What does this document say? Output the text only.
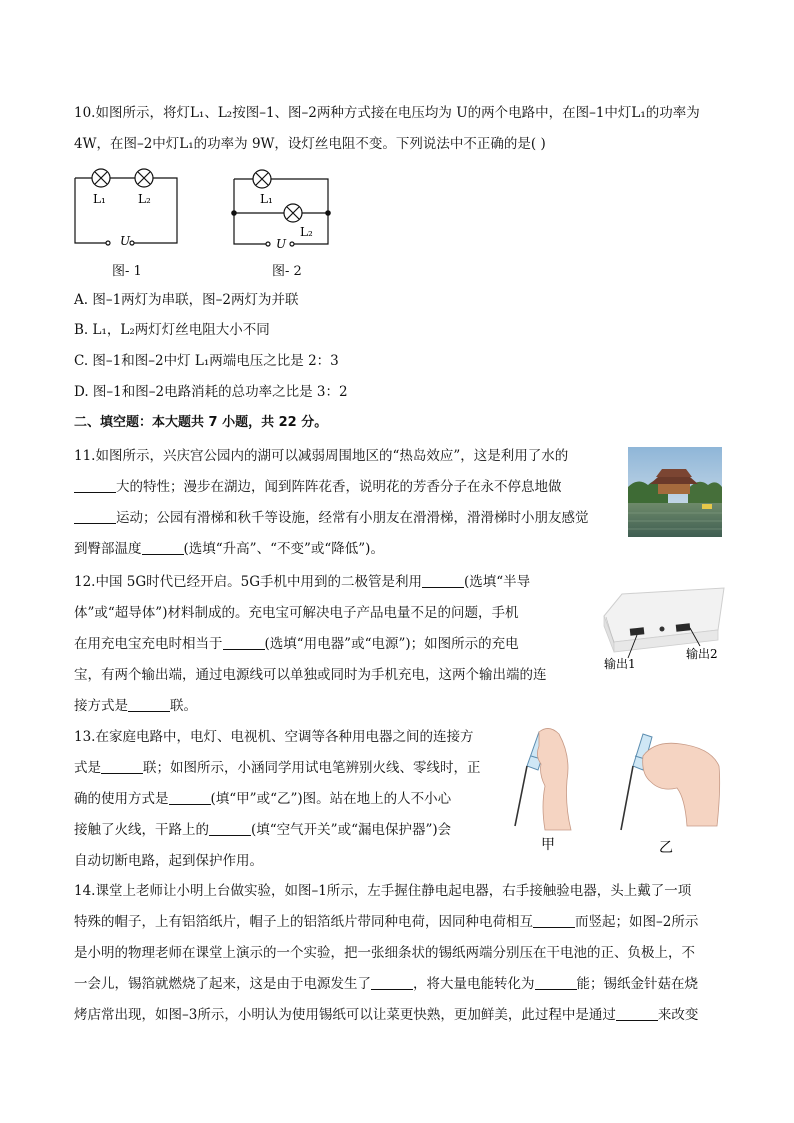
10.如图所示，将灯L₁、L₂按图–1、图–2两种方式接在电压均为 U的两个电路中，在图–1中灯L₁的功率为
4W，在图–2中灯L₁的功率为 9W，设灯丝电阻不变。下列说法中不正确的是( )
L₁	L₂
U
图- 1
L₁
L₂
U
图- 2
A. 图–1两灯为串联，图–2两灯为并联
B. L₁，L₂两灯灯丝电阻大小不同
C. 图–1和图–2中灯 L₁两端电压之比是 2：3
D. 图–1和图–2电路消耗的总功率之比是 3：2
二、填空题：本大题共 7 小题，共 22 分。
11.如图所示，兴庆宫公园内的湖可以减弱周围地区的“热岛效应”，这是利用了水的
大的特性；漫步在湖边，闻到阵阵花香，说明花的芳香分子在永不停息地做
运动；公园有滑梯和秋千等设施，经常有小朋友在滑滑梯，滑滑梯时小朋友感觉
到臀部温度	(选填“升高”、“不变”或“降低”)。
12.中国 5G时代已经开启。5G手机中用到的二极管是利用	(选填“半导
体”或“超导体”)材料制成的。充电宝可解决电子产品电量不足的问题，手机
在用充电宝充电时相当于	(选填“用电器”或“电源”)；如图所示的充电
宝，有两个输出端，通过电源线可以单独或同时为手机充电，这两个输出端的连
接方式是	联。
输出1
输出2
13.在家庭电路中，电灯、电视机、空调等各种用电器之间的连接方
式是	联；如图所示，小涵同学用试电笔辨别火线、零线时，正
确的使用方式是	(填“甲”或“乙”)图。站在地上的人不小心
接触了火线，干路上的	(填“空气开关”或“漏电保护器”)会
自动切断电路，起到保护作用。
甲	乙
14.课堂上老师让小明上台做实验，如图–1所示，左手握住静电起电器，右手接触验电器，头上戴了一项
特殊的帽子，上有铝箔纸片，帽子上的铝箔纸片带同种电荷，因同种电荷相互	而竖起；如图–2所示
是小明的物理老师在课堂上演示的一个实验，把一张细条状的锡纸两端分别压在干电池的正、负极上，不
一会儿，锡箔就燃烧了起来，这是由于电源发生了	，将大量电能转化为	能；锡纸金针菇在烧
烤店常出现，如图–3所示，小明认为使用锡纸可以让菜更快熟，更加鲜美，此过程中是通过	来改变
